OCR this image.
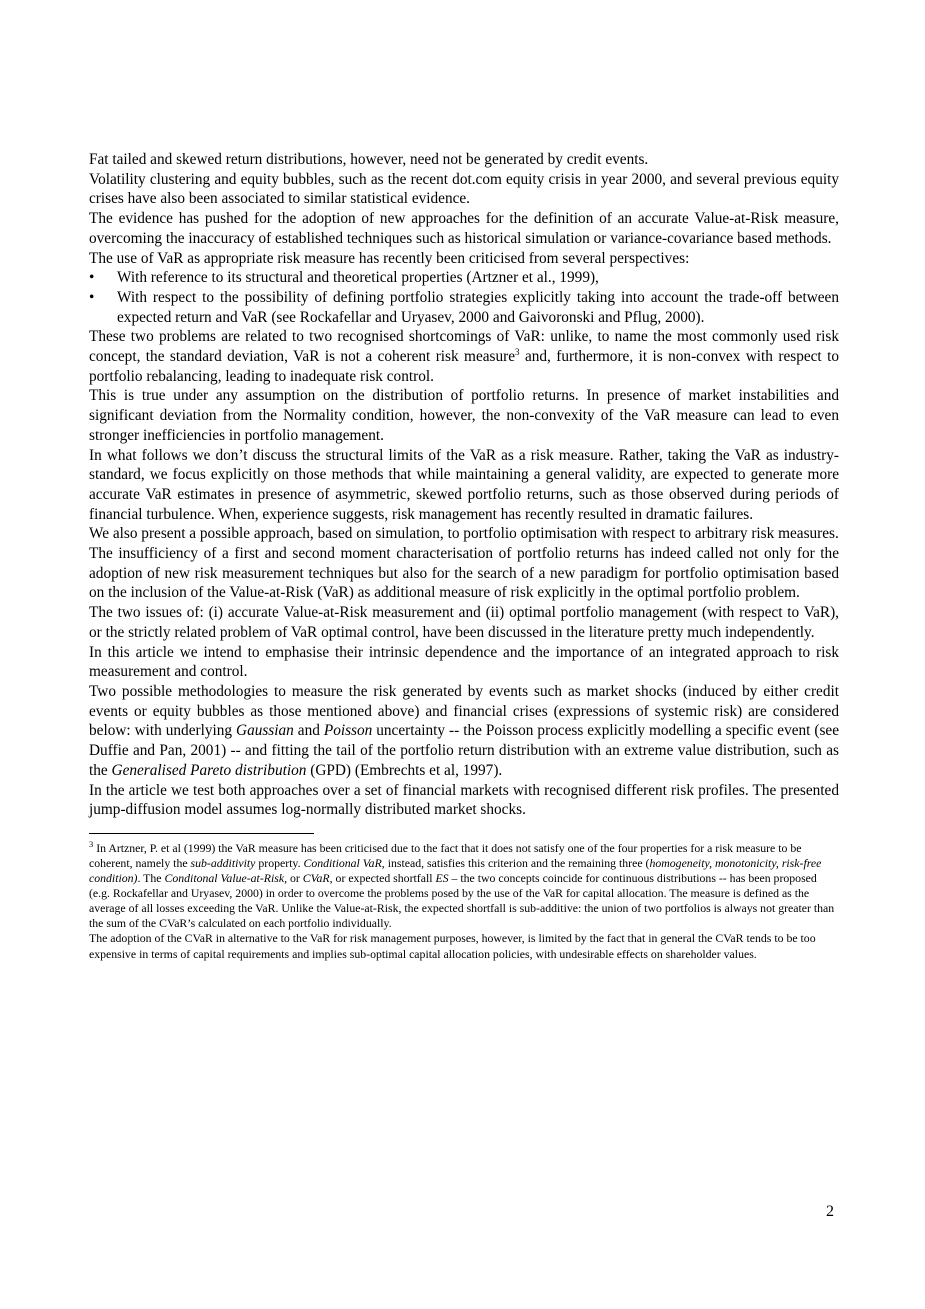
Fat tailed and skewed return distributions, however, need not be generated by credit events.

Volatility clustering and equity bubbles, such as the recent dot.com equity crisis in year 2000, and several previous equity crises have also been associated to similar statistical evidence.

The evidence has pushed for the adoption of new approaches for the definition of an accurate Value-at-Risk measure, overcoming the inaccuracy of established techniques such as historical simulation or variance-covariance based methods.

The use of VaR as appropriate risk measure has recently been criticised from several perspectives:

• With reference to its structural and theoretical properties (Artzner et al., 1999),
• With respect to the possibility of defining portfolio strategies explicitly taking into account the trade-off between expected return and VaR (see Rockafellar and Uryasev, 2000 and Gaivoronski and Pflug, 2000).

These two problems are related to two recognised shortcomings of VaR: unlike, to name the most commonly used risk concept, the standard deviation, VaR is not a coherent risk measure$^3$ and, furthermore, it is non-convex with respect to portfolio rebalancing, leading to inadequate risk control.

This is true under any assumption on the distribution of portfolio returns. In presence of market instabilities and significant deviation from the Normality condition, however, the non-convexity of the VaR measure can lead to even stronger inefficiencies in portfolio management.

In what follows we don’t discuss the structural limits of the VaR as a risk measure. Rather, taking the VaR as industry-standard, we focus explicitly on those methods that while maintaining a general validity, are expected to generate more accurate VaR estimates in presence of asymmetric, skewed portfolio returns, such as those observed during periods of financial turbulence. When, experience suggests, risk management has recently resulted in dramatic failures.

We also present a possible approach, based on simulation, to portfolio optimisation with respect to arbitrary risk measures.

The insufficiency of a first and second moment characterisation of portfolio returns has indeed called not only for the adoption of new risk measurement techniques but also for the search of a new paradigm for portfolio optimisation based on the inclusion of the Value-at-Risk (VaR) as additional measure of risk explicitly in the optimal portfolio problem.

The two issues of: (i) accurate Value-at-Risk measurement and (ii) optimal portfolio management (with respect to VaR), or the strictly related problem of VaR optimal control, have been discussed in the literature pretty much independently.

In this article we intend to emphasise their intrinsic dependence and the importance of an integrated approach to risk measurement and control.

Two possible methodologies to measure the risk generated by events such as market shocks (induced by either credit events or equity bubbles as those mentioned above) and financial crises (expressions of systemic risk) are considered below: with underlying Gaussian and Poisson uncertainty -- the Poisson process explicitly modelling a specific event (see Duffie and Pan, 2001) -- and fitting the tail of the portfolio return distribution with an extreme value distribution, such as the Generalised Pareto distribution (GPD) (Embrechts et al, 1997).

In the article we test both approaches over a set of financial markets with recognised different risk profiles. The presented jump-diffusion model assumes log-normally distributed market shocks.

$^3$ In Artzner, P. et al (1999) the VaR measure has been criticised due to the fact that it does not satisfy one of the four properties for a risk measure to be coherent, namely the sub-additivity property. Conditional VaR, instead, satisfies this criterion and the remaining three (homogeneity, monotonicity, risk-free condition). The Conditonal Value-at-Risk, or CVaR, or expected shortfall ES – the two concepts coincide for continuous distributions -- has been proposed (e.g. Rockafellar and Uryasev, 2000) in order to overcome the problems posed by the use of the VaR for capital allocation. The measure is defined as the average of all losses exceeding the VaR. Unlike the Value-at-Risk, the expected shortfall is sub-additive: the union of two portfolios is always not greater than the sum of the CVaR’s calculated on each portfolio individually.

The adoption of the CVaR in alternative to the VaR for risk management purposes, however, is limited by the fact that in general the CVaR tends to be too expensive in terms of capital requirements and implies sub-optimal capital allocation policies, with undesirable effects on shareholder values.

2
